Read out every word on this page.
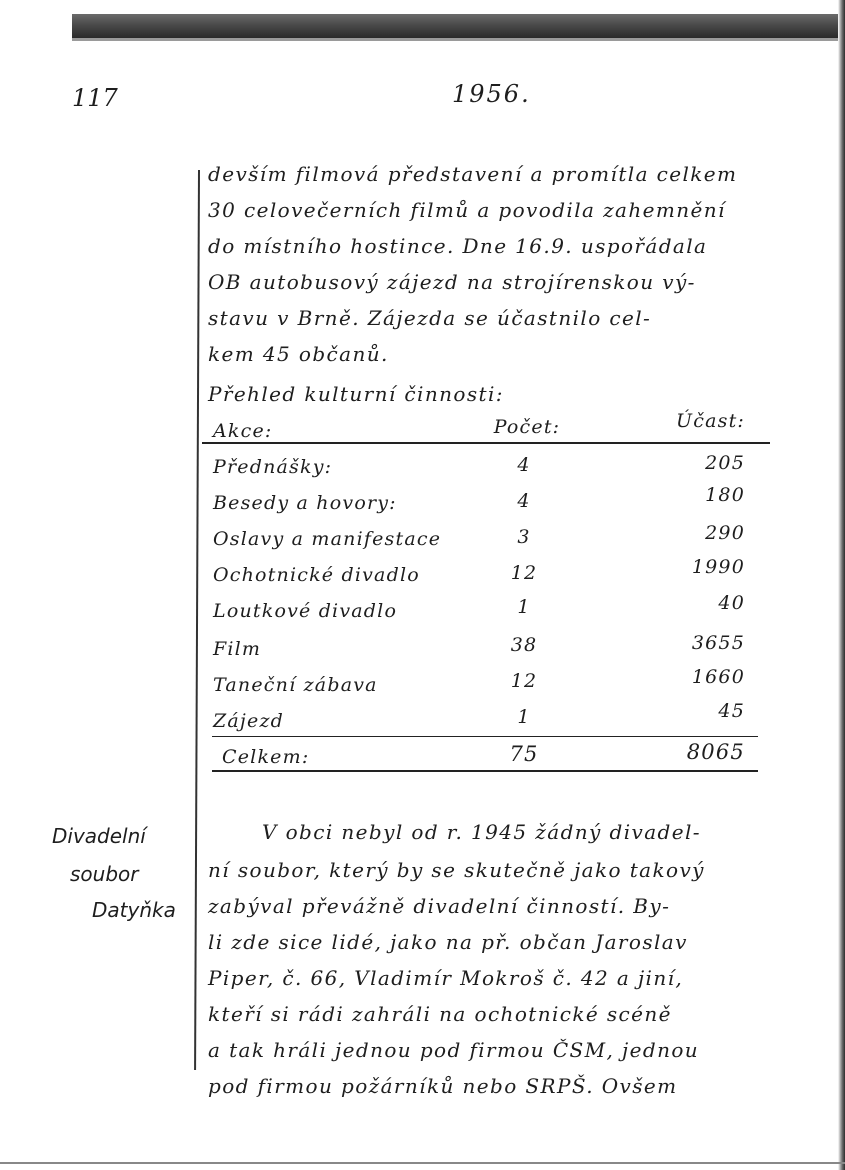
117	1956.
devším filmová představení a promítla celkem
30 celovečerních filmů a povodila zahemnění
do místního hostince. Dne 16.9. uspořádala
OB autobusový zájezd na strojírenskou vý-
stavu v Brně. Zájezda se účastnilo cel-
kem 45 občanů.
Přehled kulturní činnosti:
Akce:	Počet:	Účast:
Přednášky:	4	205
Besedy a hovory:	4	180
Oslavy a manifestace	3	290
Ochotnické divadlo	12	1990
Loutkové divadlo	1	40
Film	38	3655
Taneční zábava	12	1660
Zájezd	1	45
Celkem:	75	8065
Divadelní
soubor
Datyňka
V obci nebyl od r. 1945 žádný divadel-
ní soubor, který by se skutečně jako takový
zabýval převážně divadelní činností. By-
li zde sice lidé, jako na př. občan Jaroslav
Piper, č. 66, Vladimír Mokroš č. 42 a jiní,
kteří si rádi zahráli na ochotnické scéně
a tak hráli jednou pod firmou ČSM, jednou
pod firmou požárníků nebo SRPŠ. Ovšem
